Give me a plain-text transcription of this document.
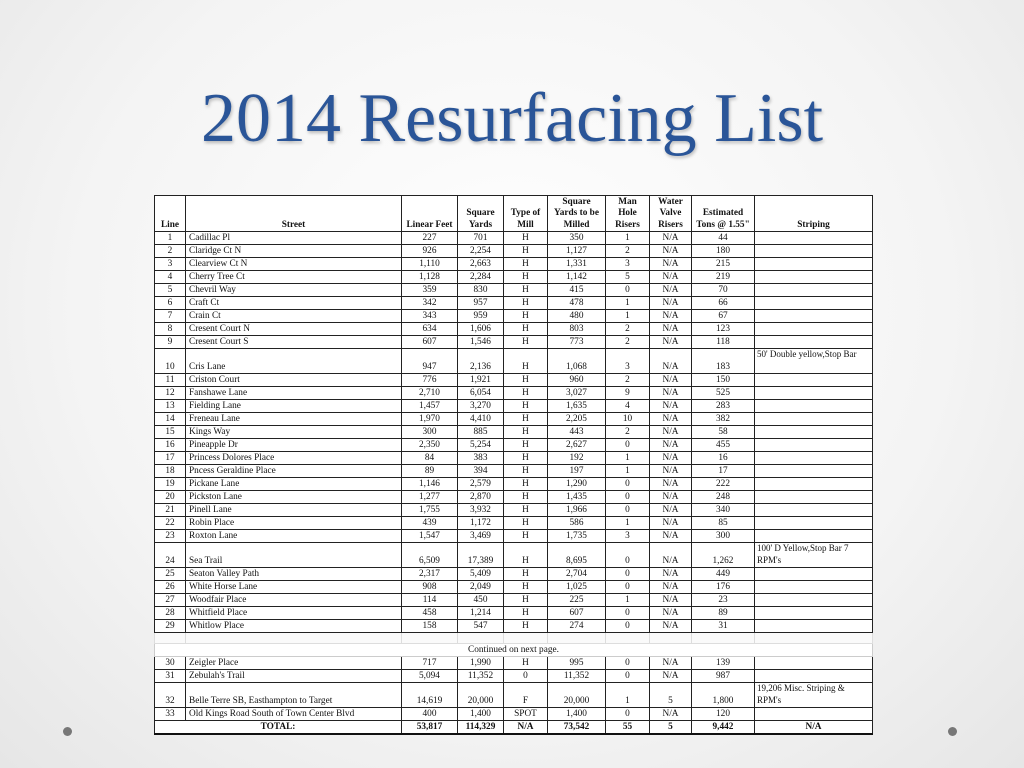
2014 Resurfacing List
Line	Street	Linear Feet	Square Yards	Type of Mill	Square Yards to be Milled	Man Hole Risers	Water Valve Risers	Estimated Tons @ 1.55"	Striping
1	Cadillac Pl	227	701	H	350	1	N/A	44	
2	Claridge Ct N	926	2,254	H	1,127	2	N/A	180	
3	Clearview Ct N	1,110	2,663	H	1,331	3	N/A	215	
4	Cherry Tree Ct	1,128	2,284	H	1,142	5	N/A	219	
5	Chevril Way	359	830	H	415	0	N/A	70	
6	Craft Ct	342	957	H	478	1	N/A	66	
7	Crain Ct	343	959	H	480	1	N/A	67	
8	Cresent Court N	634	1,606	H	803	2	N/A	123	
9	Cresent Court S	607	1,546	H	773	2	N/A	118	
10	Cris Lane	947	2,136	H	1,068	3	N/A	183	50' Double yellow,Stop Bar
11	Criston Court	776	1,921	H	960	2	N/A	150	
12	Fanshawe Lane	2,710	6,054	H	3,027	9	N/A	525	
13	Fielding Lane	1,457	3,270	H	1,635	4	N/A	283	
14	Freneau Lane	1,970	4,410	H	2,205	10	N/A	382	
15	Kings Way	300	885	H	443	2	N/A	58	
16	Pineapple Dr	2,350	5,254	H	2,627	0	N/A	455	
17	Princess Dolores Place	84	383	H	192	1	N/A	16	
18	Pncess Geraldine Place	89	394	H	197	1	N/A	17	
19	Pickane Lane	1,146	2,579	H	1,290	0	N/A	222	
20	Pickston Lane	1,277	2,870	H	1,435	0	N/A	248	
21	Pinell Lane	1,755	3,932	H	1,966	0	N/A	340	
22	Robin Place	439	1,172	H	586	1	N/A	85	
23	Roxton Lane	1,547	3,469	H	1,735	3	N/A	300	
24	Sea Trail	6,509	17,389	H	8,695	0	N/A	1,262	100' D Yellow,Stop Bar 7 RPM's
25	Seaton Valley Path	2,317	5,409	H	2,704	0	N/A	449	
26	White Horse Lane	908	2,049	H	1,025	0	N/A	176	
27	Woodfair Place	114	450	H	225	1	N/A	23	
28	Whitfield Place	458	1,214	H	607	0	N/A	89	
29	Whitlow Place	158	547	H	274	0	N/A	31	

Continued on next page.									
30	Zeigler Place	717	1,990	H	995	0	N/A	139	
31	Zebulah's Trail	5,094	11,352	0	11,352	0	N/A	987	
32	Belle Terre SB, Easthampton to Target	14,619	20,000	F	20,000	1	5	1,800	19,206 Misc. Striping & RPM's
33	Old Kings Road South of Town Center Blvd	400	1,400	SPOT	1,400	0	N/A	120	
TOTAL:		53,817	114,329	N/A	73,542	55	5	9,442	N/A
